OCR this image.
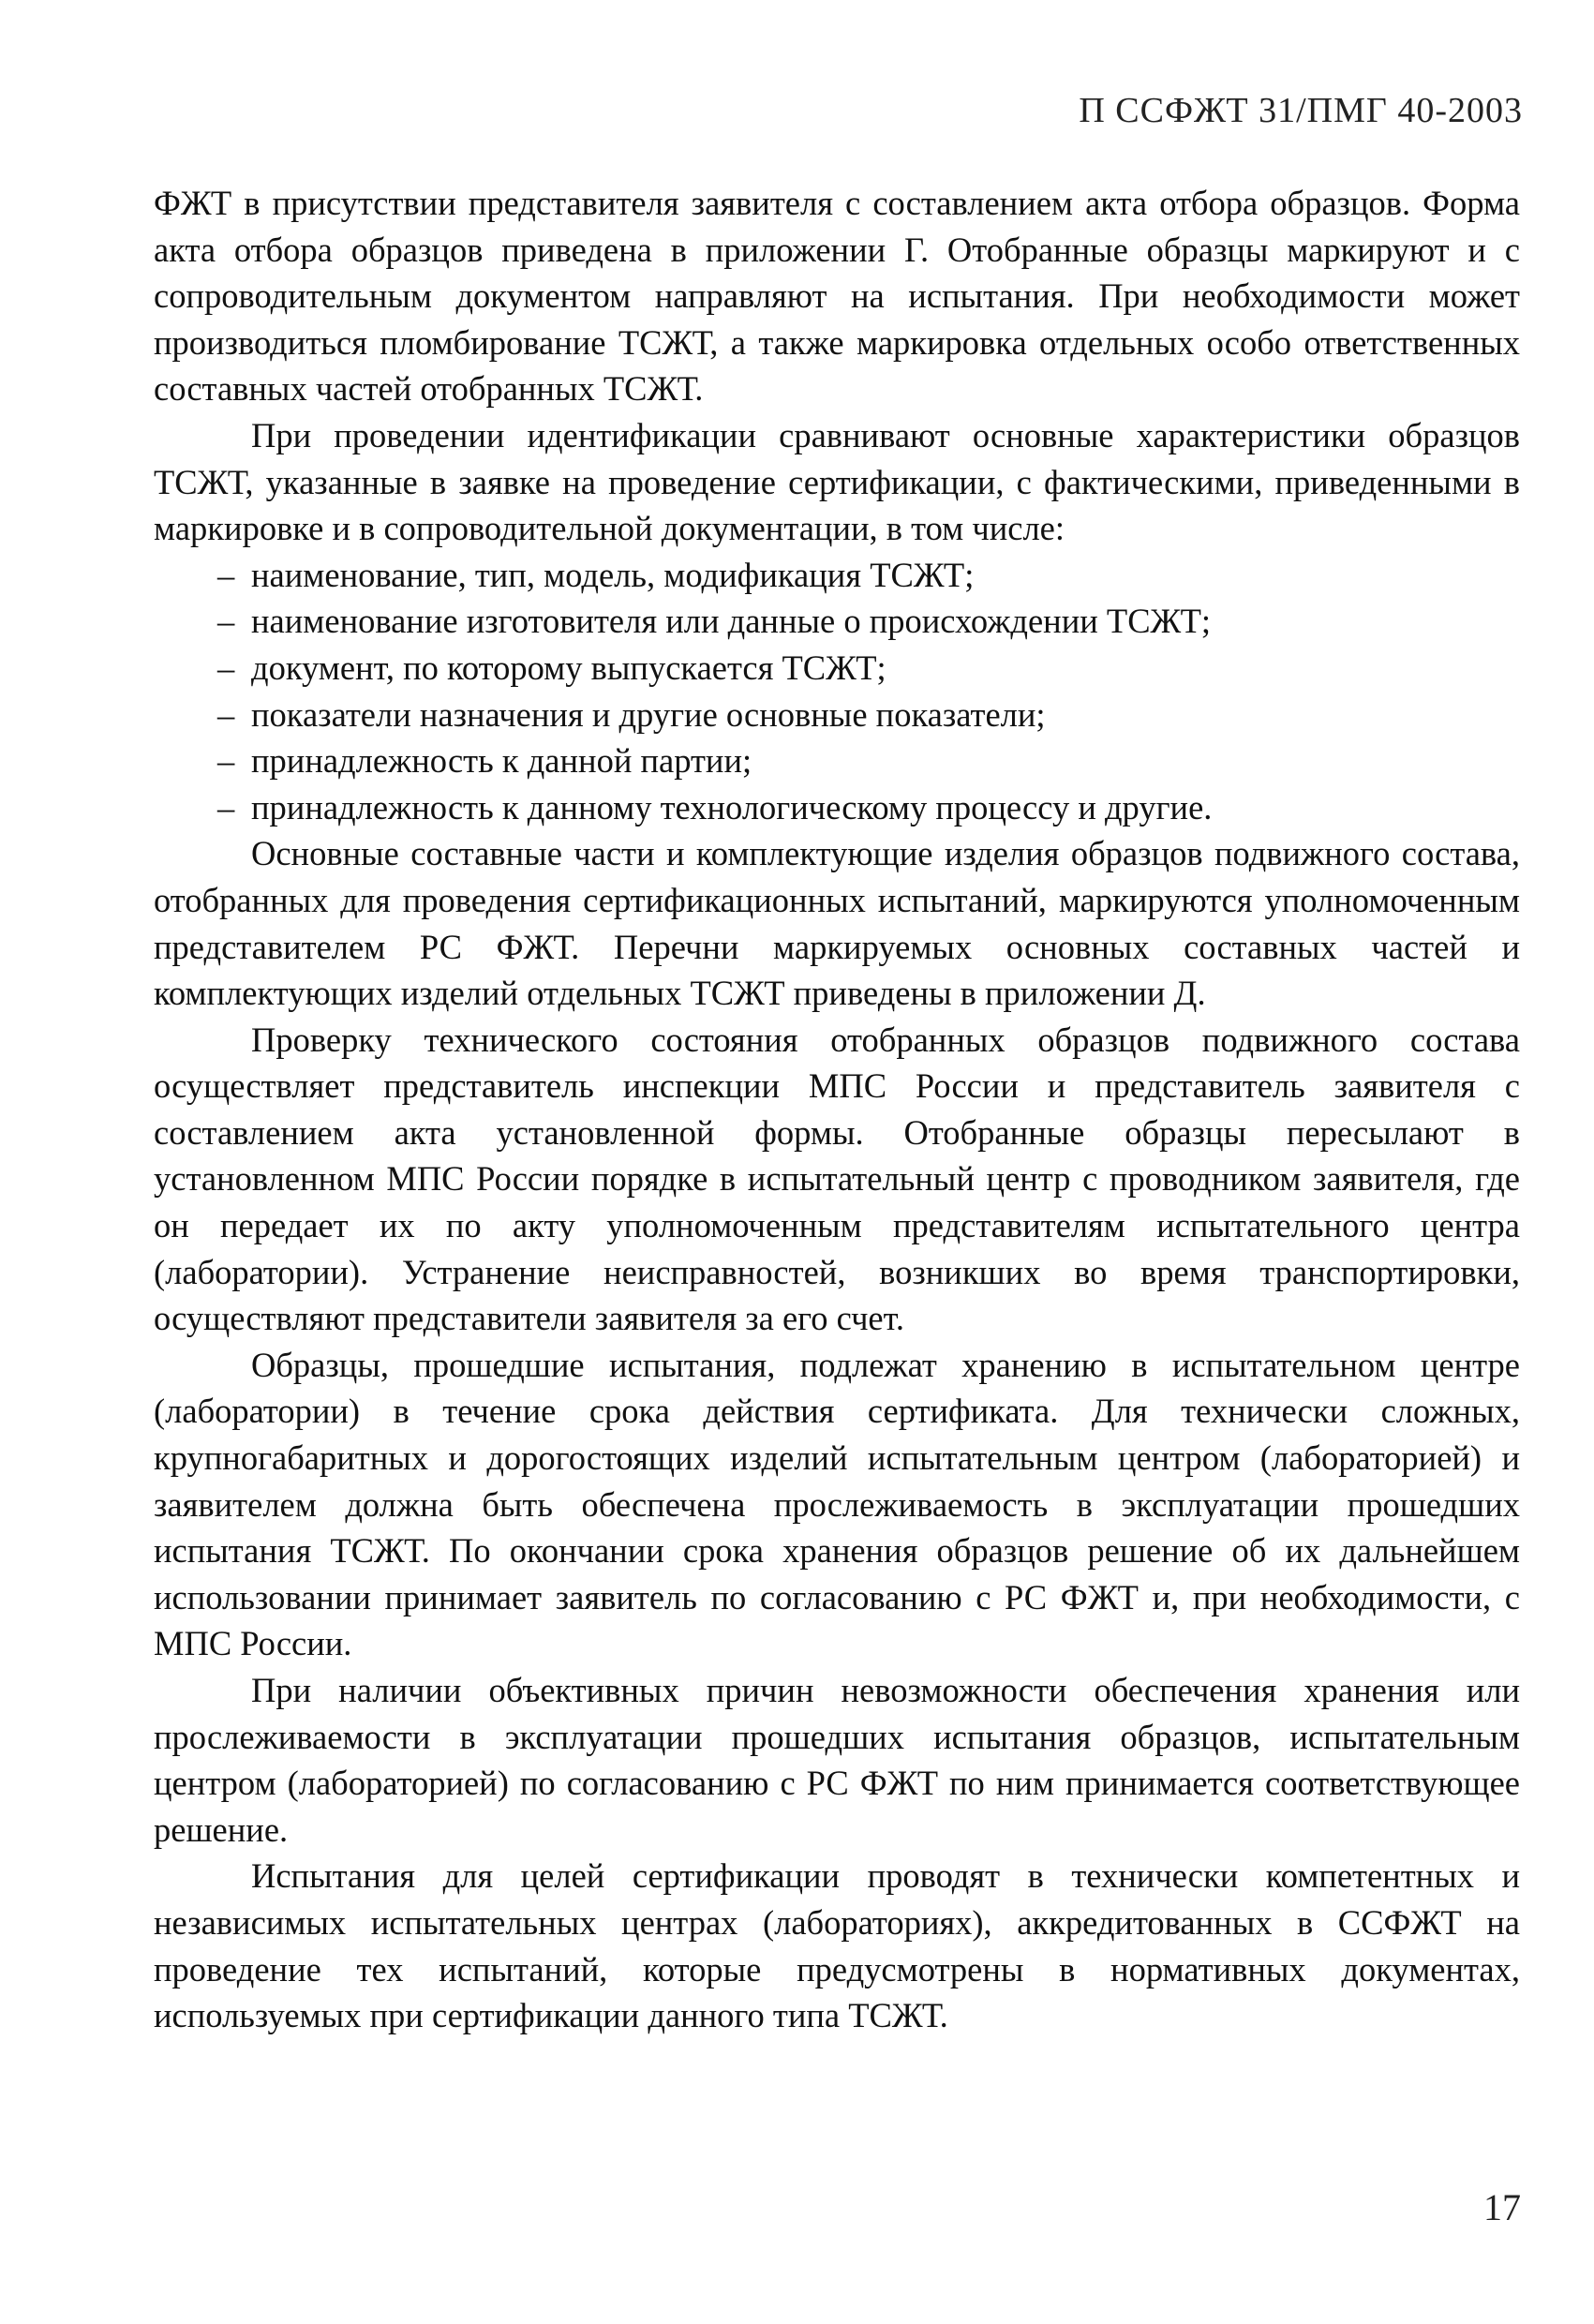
П ССФЖТ 31/ПМГ 40-2003

ФЖТ в присутствии представителя заявителя с составлением акта отбора образцов. Форма акта отбора образцов приведена в приложении Г. Отобранные образцы маркируют и с сопроводительным документом направляют на испытания. При необходимости может производиться пломбирование ТСЖТ, а также маркировка отдельных особо ответственных составных частей отобранных ТСЖТ.

При проведении идентификации сравнивают основные характеристики образцов ТСЖТ, указанные в заявке на проведение сертификации, с фактическими, приведенными в маркировке и в сопроводительной документации, в том числе:

– наименование, тип, модель, модификация ТСЖТ;
– наименование изготовителя или данные о происхождении ТСЖТ;
– документ, по которому выпускается ТСЖТ;
– показатели назначения и другие основные показатели;
– принадлежность к данной партии;
– принадлежность к данному технологическому процессу и другие.

Основные составные части и комплектующие изделия образцов подвижного состава, отобранных для проведения сертификационных испытаний, маркируются уполномоченным представителем РС ФЖТ. Перечни маркируемых основных составных частей и комплектующих изделий отдельных ТСЖТ приведены в приложении Д.

Проверку технического состояния отобранных образцов подвижного состава осуществляет представитель инспекции МПС России и представитель заявителя с составлением акта установленной формы. Отобранные образцы пересылают в установленном МПС России порядке в испытательный центр с проводником заявителя, где он передает их по акту уполномоченным представителям испытательного центра (лаборатории). Устранение неисправностей, возникших во время транспортировки, осуществляют представители заявителя за его счет.

Образцы, прошедшие испытания, подлежат хранению в испытательном центре (лаборатории) в течение срока действия сертификата. Для технически сложных, крупногабаритных и дорогостоящих изделий испытательным центром (лабораторией) и заявителем должна быть обеспечена прослеживаемость в эксплуатации прошедших испытания ТСЖТ. По окончании срока хранения образцов решение об их дальнейшем использовании принимает заявитель по согласованию с РС ФЖТ и, при необходимости, с МПС России.

При наличии объективных причин невозможности обеспечения хранения или прослеживаемости в эксплуатации прошедших испытания образцов, испытательным центром (лабораторией) по согласованию с РС ФЖТ по ним принимается соответствующее решение.

Испытания для целей сертификации проводят в технически компетентных и независимых испытательных центрах (лабораториях), аккредитованных в ССФЖТ на проведение тех испытаний, которые предусмотрены в нормативных документах, используемых при сертификации данного типа ТСЖТ.

17
